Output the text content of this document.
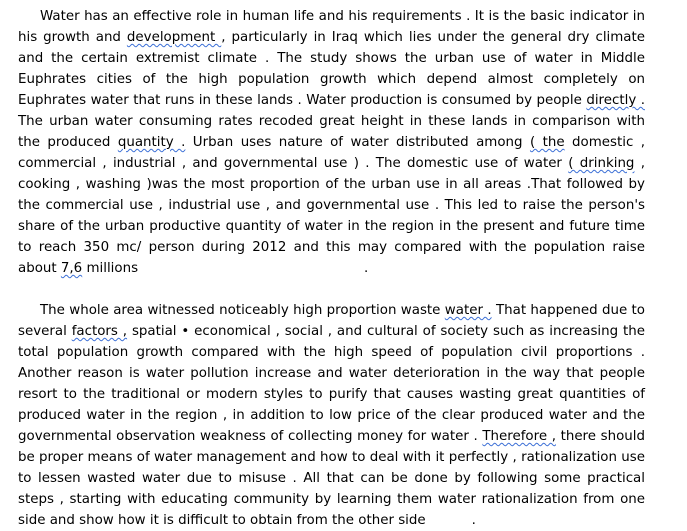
Water has an effective role in human life and his requirements . It is the basic indicator in his growth and development , particularly in Iraq which lies under the general dry climate and the certain extremist climate . The study shows the urban use of water in Middle Euphrates cities of the high population growth which depend almost completely on Euphrates water that runs in these lands . Water production is consumed by people directly . The urban water consuming rates recoded great height in these lands in comparison with the produced quantity . Urban uses nature of water distributed among ( the domestic , commercial , industrial , and governmental use ) . The domestic use of water ( drinking , cooking , washing )was the most proportion of the urban use in all areas .That followed by the commercial use , industrial use , and governmental use . This led to raise the person's share of the urban productive quantity of water in the region in the present and future time to reach 350 mc/ person during 2012 and this may compared with the population raise about 7,6 millions	.

The whole area witnessed noticeably high proportion waste water . That happened due to several factors , spatial • economical , social , and cultural of society such as increasing the total population growth compared with the high speed of population civil proportions . Another reason is water pollution increase and water deterioration in the way that people resort to the traditional or modern styles to purify that causes wasting great quantities of produced water in the region , in addition to low price of the clear produced water and the governmental observation weakness of collecting money for water . Therefore , there should be proper means of water management and how to deal with it perfectly , rationalization use to lessen wasted water due to misuse . All that can be done by following some practical steps , starting with educating community by learning them water rationalization from one side and show how it is difficult to obtain from the other side	.
